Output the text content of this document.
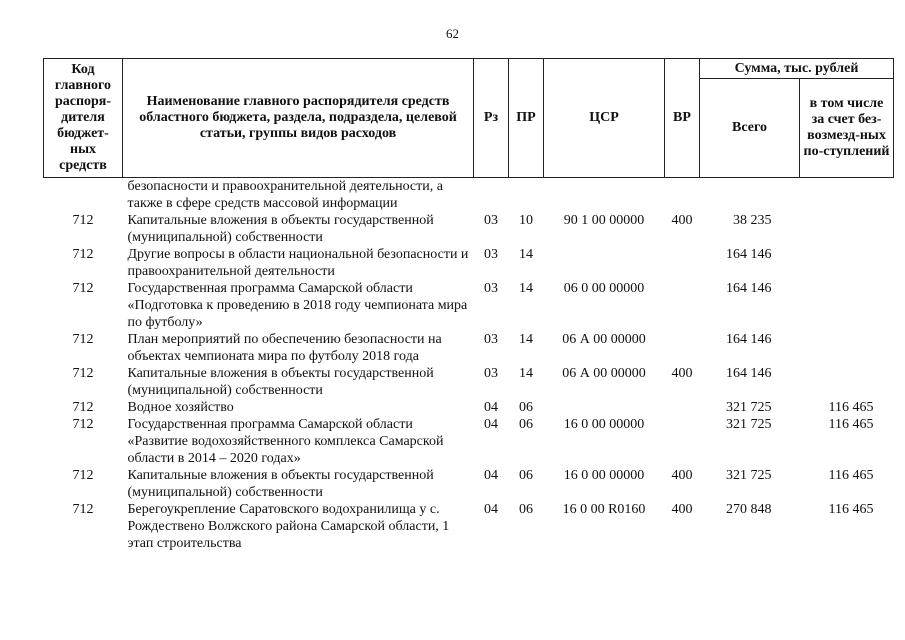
62
Код главного распоря-дителя бюджет-ных средств	Наименование главного распорядителя средств областного бюджета, раздела, подраздела, целевой статьи, группы видов расходов	Рз	ПР	ЦСР	ВР	Сумма, тыс. рублей	
						Всего	в том числе за счет без-возмезд-ных по-ступлений
	безопасности и правоохранительной деятельности, а также в сфере средств массовой информации						
712	Капитальные вложения в объекты государственной (муниципальной) собственности	03	10	90 1 00 00000	400	38 235	
712	Другие вопросы в области национальной безопасности и правоохранительной деятельности	03	14			164 146	
712	Государственная программа Самарской области «Подготовка к проведению в 2018 году чемпионата мира по футболу»	03	14	06 0 00 00000		164 146	
712	План мероприятий по обеспечению безопасности на объектах чемпионата мира по футболу 2018 года	03	14	06 А 00 00000		164 146	
712	Капитальные вложения в объекты государственной (муниципальной) собственности	03	14	06 А 00 00000	400	164 146	
712	Водное хозяйство	04	06			321 725	116 465
712	Государственная программа Самарской области «Развитие водохозяйственного комплекса Самарской области в 2014 – 2020 годах»	04	06	16 0 00 00000		321 725	116 465
712	Капитальные вложения в объекты государственной (муниципальной) собственности	04	06	16 0 00 00000	400	321 725	116 465
712	Берегоукрепление Саратовского водохранилища у с. Рождествено Волжского района Самарской области, 1 этап строительства	04	06	16 0 00 R0160	400	270 848	116 465
